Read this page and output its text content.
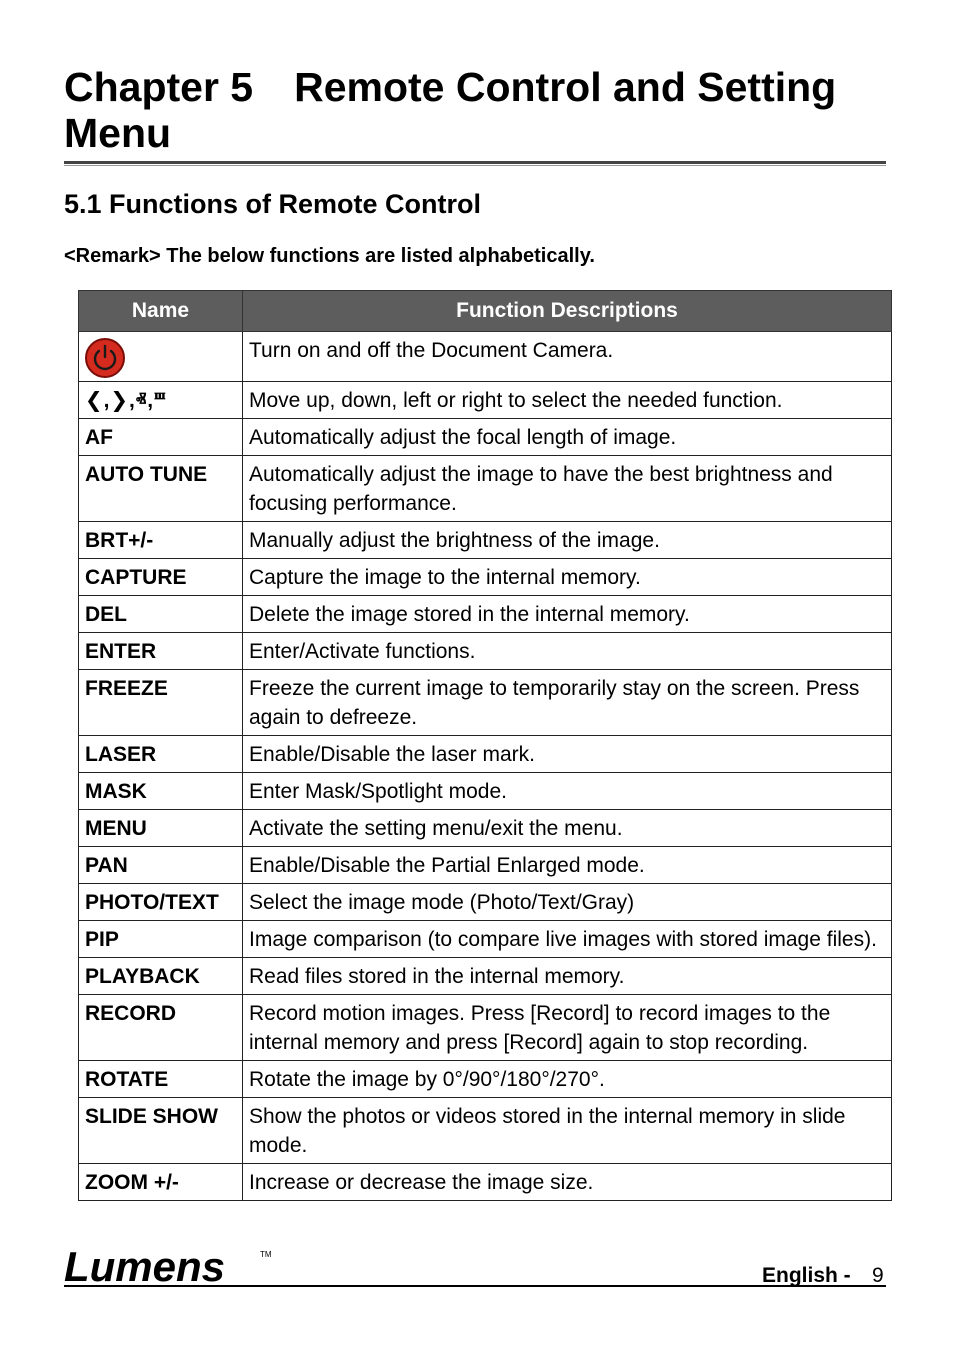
Chapter 5 Remote Control and Setting Menu
5.1 Functions of Remote Control

<Remark> The below functions are listed alphabetically.

Name	Function Descriptions

	Turn on and off the Document Camera.
❮,❯,ⱏ,ⱎ	Move up, down, left or right to select the needed function.
AF	Automatically adjust the focal length of image.
AUTO TUNE	Automatically adjust the image to have the best brightness and focusing performance.
BRT+/-	Manually adjust the brightness of the image.
CAPTURE	Capture the image to the internal memory.
DEL	Delete the image stored in the internal memory.
ENTER	Enter/Activate functions.
FREEZE	Freeze the current image to temporarily stay on the screen. Press again to defreeze.
LASER	Enable/Disable the laser mark.
MASK	Enter Mask/Spotlight mode.
MENU	Activate the setting menu/exit the menu.
PAN	Enable/Disable the Partial Enlarged mode.
PHOTO/TEXT	Select the image mode (Photo/Text/Gray)
PIP	Image comparison (to compare live images with stored image files).
PLAYBACK	Read files stored in the internal memory.
RECORD	Record motion images. Press [Record] to record images to the internal memory and press [Record] again to stop recording.
ROTATE	Rotate the image by 0°/90°/180°/270°.
SLIDE SHOW	Show the photos or videos stored in the internal memory in slide mode.
ZOOM +/-	Increase or decrease the image size.
Lumens	TM
English - 9
